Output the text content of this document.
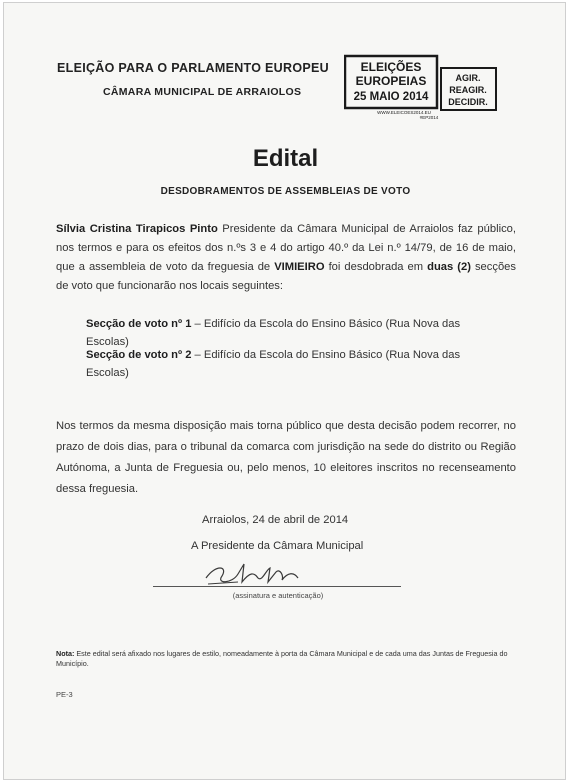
ELEIÇÃO PARA O PARLAMENTO EUROPEU
CÂMARA MUNICIPAL DE ARRAIOLOS
ELEIÇÕES
EUROPEIAS
25 MAIO 2014
WWW.ELEICOES2014.EU
#EP2014
AGIR.
REAGIR.
DECIDIR.
Edital
DESDOBRAMENTOS DE ASSEMBLEIAS DE VOTO
Sílvia Cristina Tirapicos Pinto Presidente da Câmara Municipal de Arraiolos faz público, nos termos e para os efeitos dos n.ºs 3 e 4 do artigo 40.º da Lei n.º 14/79, de 16 de maio, que a assembleia de voto da freguesia de VIMIEIRO foi desdobrada em duas (2) secções de voto que funcionarão nos locais seguintes:
Secção de voto nº 1 – Edifício da Escola do Ensino Básico (Rua Nova das Escolas)
Secção de voto nº 2 – Edifício da Escola do Ensino Básico (Rua Nova das Escolas)
Nos termos da mesma disposição mais torna público que desta decisão podem recorrer, no prazo de dois dias, para o tribunal da comarca com jurisdição na sede do distrito ou Região Autónoma, a Junta de Freguesia ou, pelo menos, 10 eleitores inscritos no recenseamento dessa freguesia.
Arraiolos, 24 de abril de 2014
A Presidente da Câmara Municipal
(assinatura e autenticação)
Nota: Este edital será afixado nos lugares de estilo, nomeadamente à porta da Câmara Municipal e de cada uma das Juntas de Freguesia do Município.
PE-3
